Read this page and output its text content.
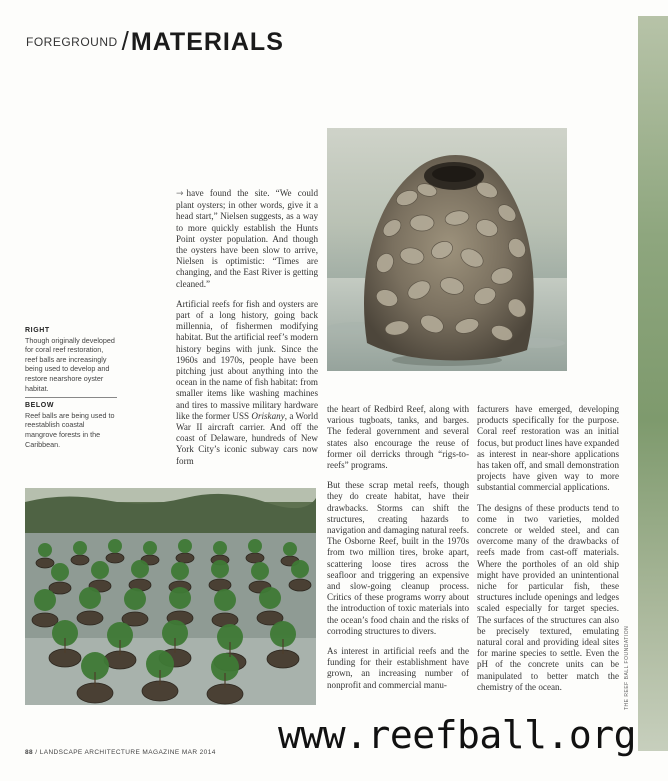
$^{FOREGROUND}$ /MATERIALS
RIGHT
Though originally developed for coral reef restoration, reef balls are increasingly being used to develop and restore nearshore oyster habitat.
BELOW
Reef balls are being used to reestablish coastal mangrove forests in the Caribbean.

→ have found the site. “We could plant oysters; in other words, give it a head start,” Nielsen suggests, as a way to more quickly establish the Hunts Point oyster population. And though the oysters have been slow to arrive, Nielsen is optimistic: “Times are changing, and the East River is getting cleaned.”

Artificial reefs for fish and oysters are part of a long history, going back millennia, of fishermen modifying habitat. But the artificial reef’s modern history begins with junk. Since the 1960s and 1970s, people have been pitching just about anything into the ocean in the name of fish habitat: from smaller items like washing machines and tires to massive military hardware like the former USS Oriskany, a World War II aircraft carrier. And off the coast of Delaware, hundreds of New York City’s iconic subway cars now form

the heart of Redbird Reef, along with various tugboats, tanks, and barges. The federal government and several states also encourage the reuse of former oil derricks through “rigs-to-reefs” programs.

But these scrap metal reefs, though they do create habitat, have their drawbacks. Storms can shift the structures, creating hazards to navigation and damaging natural reefs. The Osborne Reef, built in the 1970s from two million tires, broke apart, scattering loose tires across the seafloor and triggering an expensive and slow-going cleanup process. Critics of these programs worry about the introduction of toxic materials into the ocean’s food chain and the risks of corroding structures to divers.

As interest in artificial reefs and the funding for their establishment have grown, an increasing number of nonprofit and commercial manu-

facturers have emerged, developing products specifically for the purpose. Coral reef restoration was an initial focus, but product lines have expanded as interest in near-shore applications has taken off, and small demonstration projects have given way to more substantial commercial applications.

The designs of these products tend to come in two varieties, molded concrete or welded steel, and can overcome many of the drawbacks of reefs made from cast-off materials. Where the portholes of an old ship might have provided an unintentional niche for particular fish, these structures include openings and ledges scaled especially for target species. The surfaces of the structures can also be precisely textured, emulating natural coral and providing ideal sites for marine species to settle. Even the pH of the concrete units can be manipulated to better match the chemistry of the ocean.	THE REEF BALL FOUNDATION
88 / LANDSCAPE ARCHITECTURE MAGAZINE MAR 2014 www.reefball.org
